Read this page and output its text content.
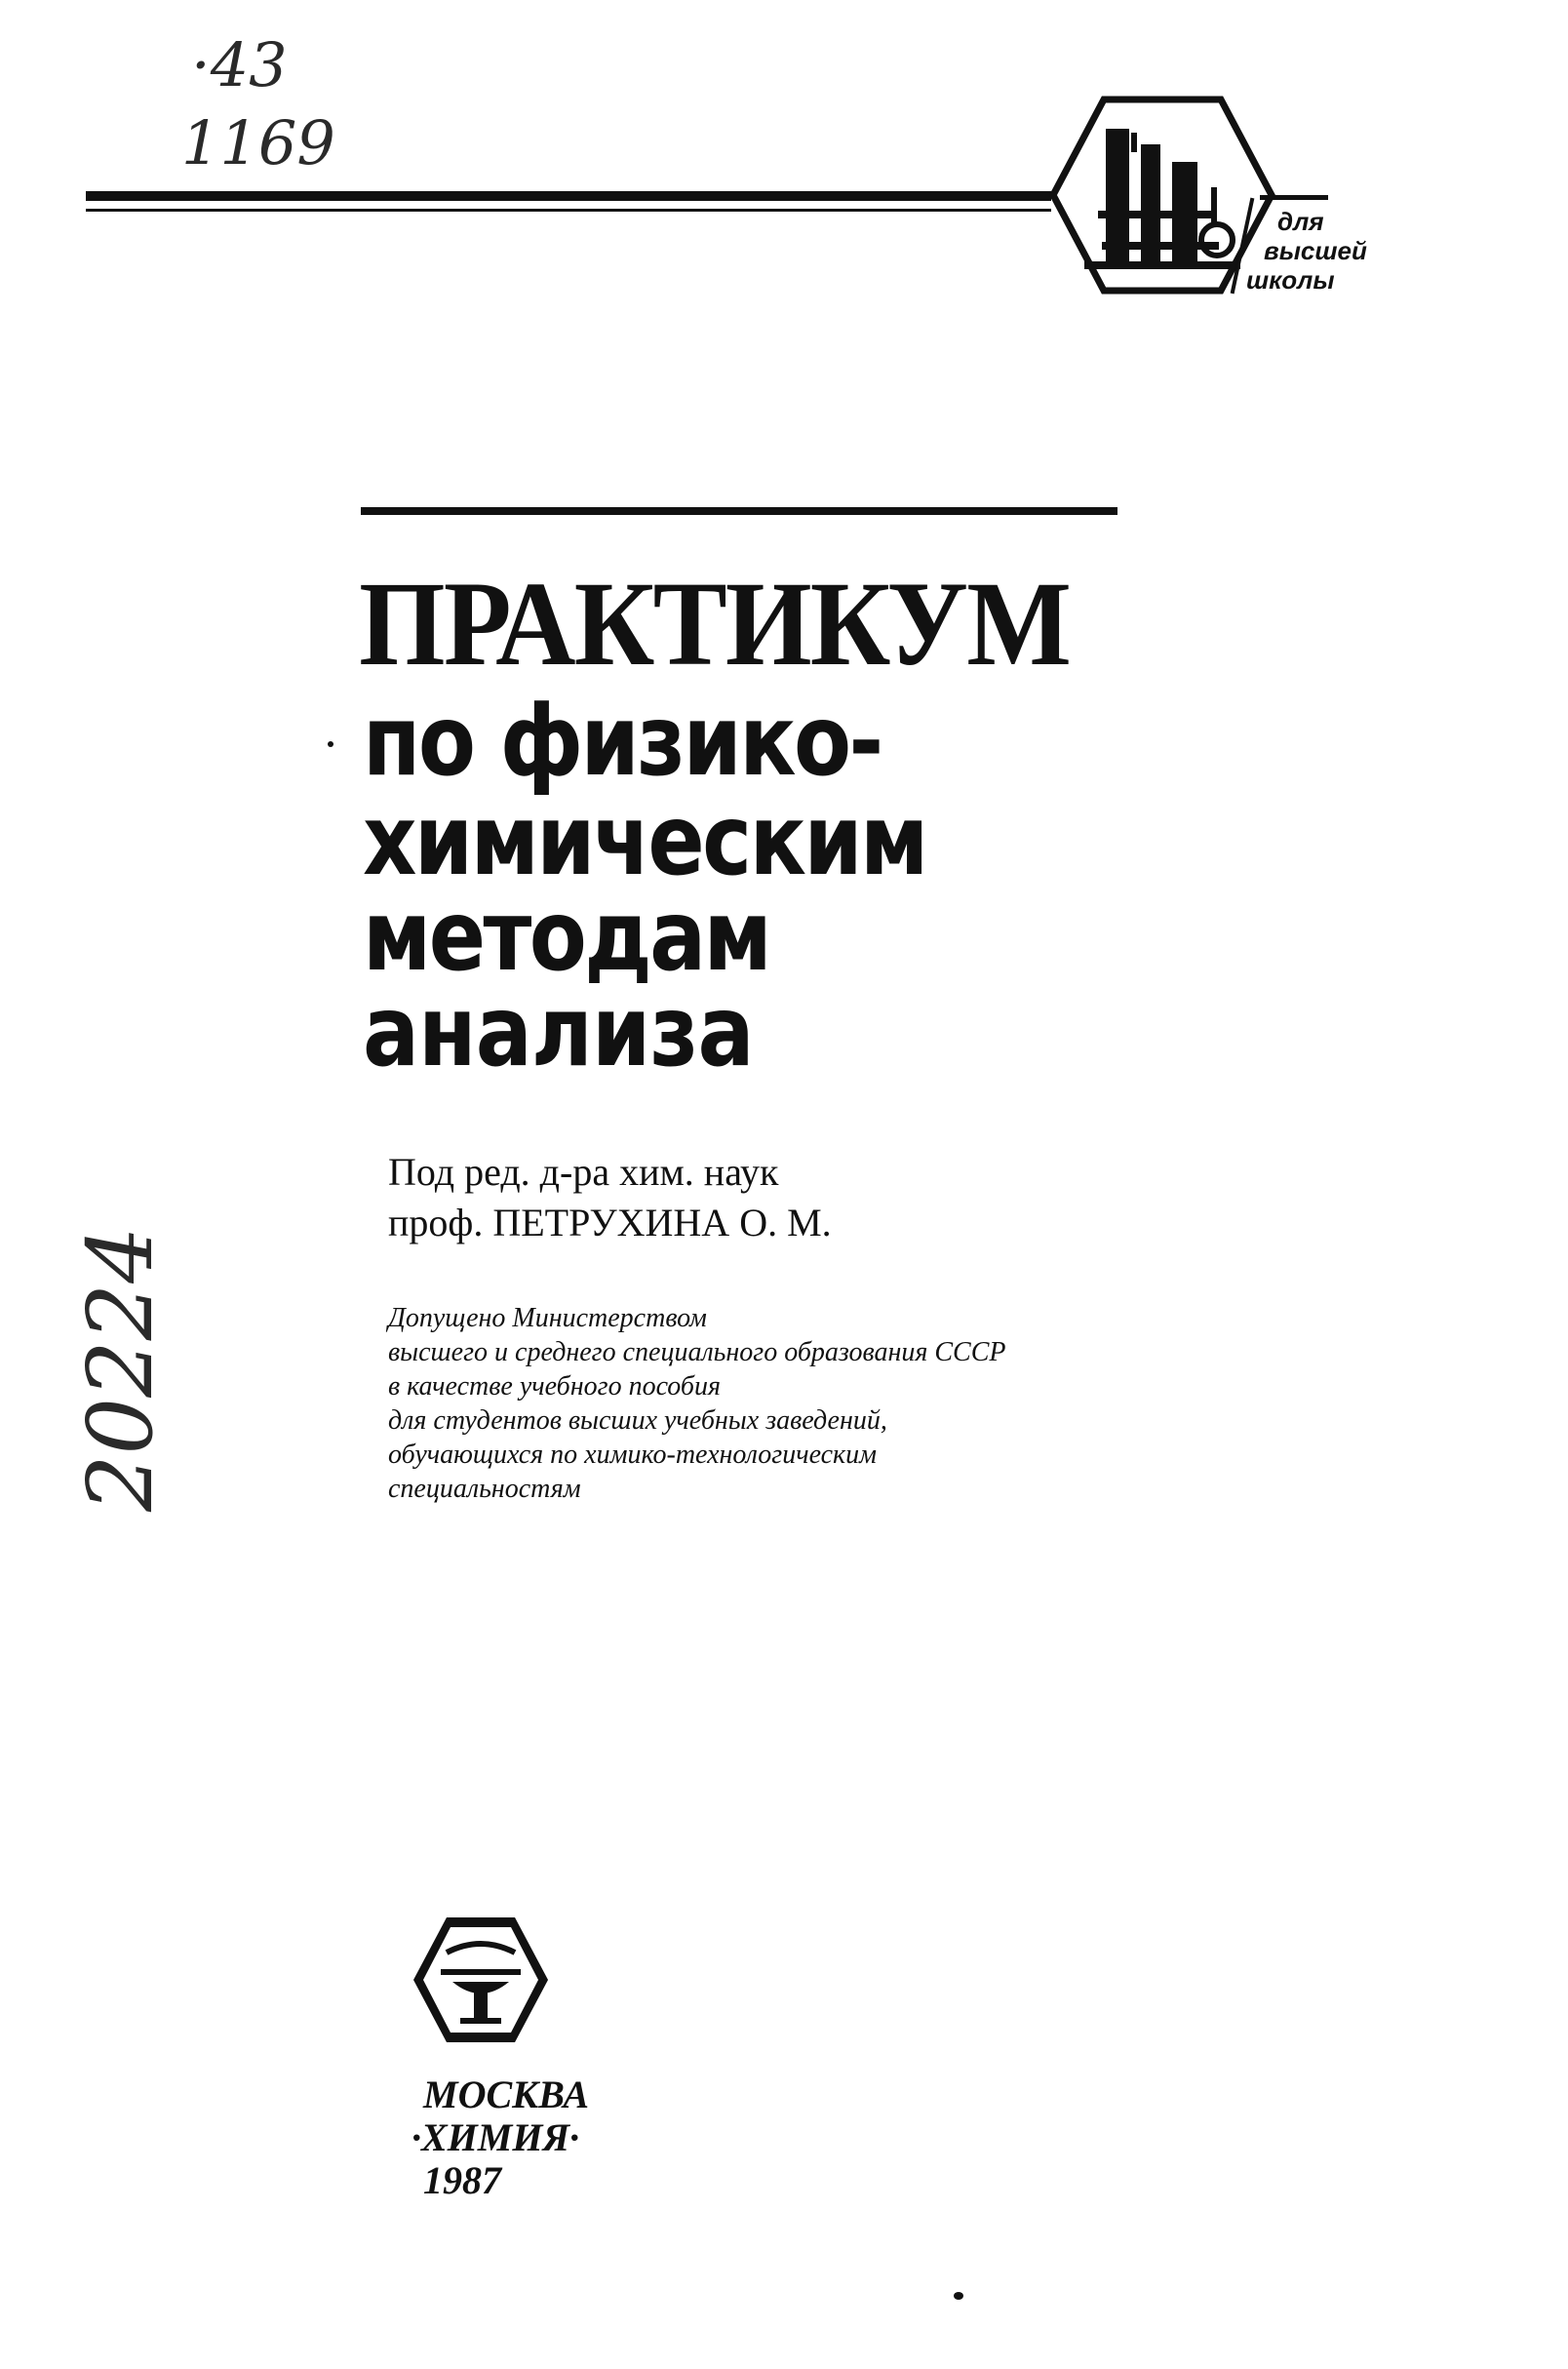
·43
1169
для
высшей
школы
ПРАКТИКУМ
по физико-
химическим
методам
анализа
Под ред. д-ра хим. наук
проф. ПЕТРУХИНА О. М.
Допущено Министерством
высшего и среднего специального образования СССР
в качестве учебного пособия
для студентов высших учебных заведений,
обучающихся по химико-технологическим
специальностям
20224
МОСКВА
·ХИМИЯ·
1987
